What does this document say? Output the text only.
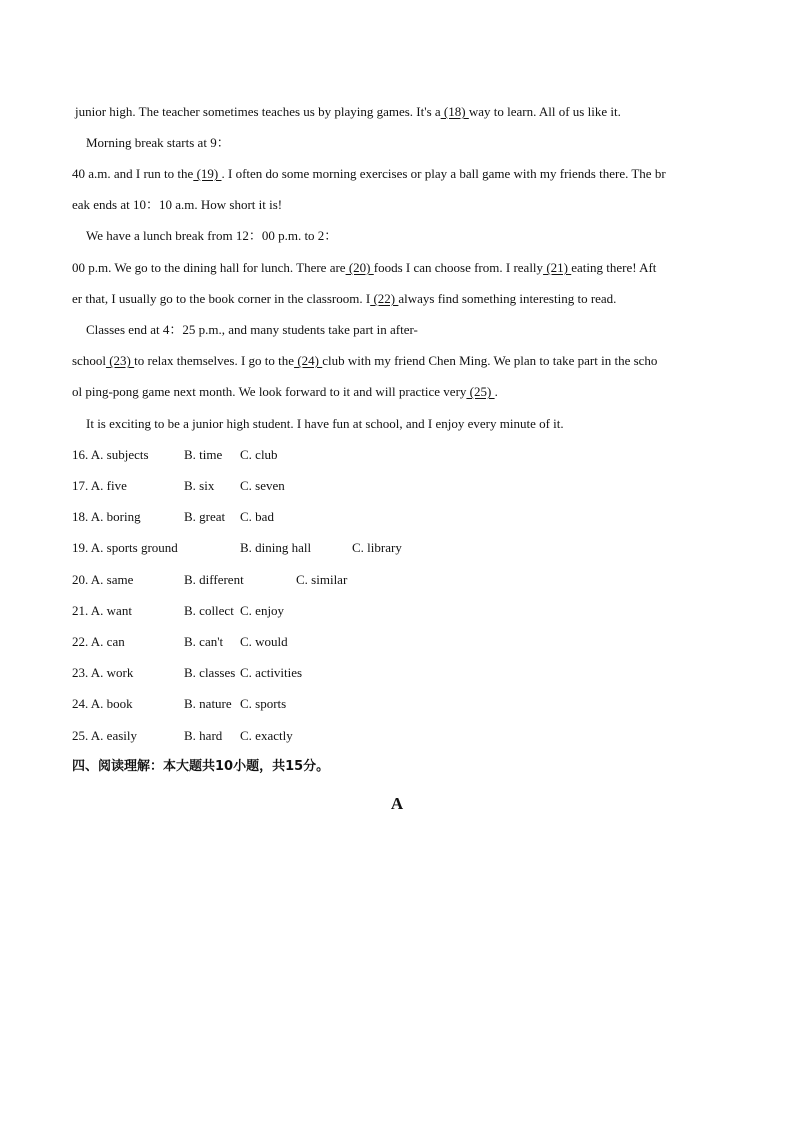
junior high. The teacher sometimes teaches us by playing games. It's a (18) way to learn. All of us like it.
Morning break starts at 9：
40 a.m. and I run to the (19) . I often do some morning exercises or play a ball game with my friends there. The br
eak ends at 10：10 a.m. How short it is!
We have a lunch break from 12：00 p.m. to 2：
00 p.m. We go to the dining hall for lunch. There are (20) foods I can choose from. I really (21) eating there! Aft
er that, I usually go to the book corner in the classroom. I (22) always find something interesting to read.
Classes end at 4：25 p.m., and many students take part in after-
school (23) to relax themselves. I go to the (24) club with my friend Chen Ming. We plan to take part in the scho
ol ping-pong game next month. We look forward to it and will practice very (25) .
It is exciting to be a junior high student. I have fun at school, and I enjoy every minute of it.
16. A. subjects	B. time C. club
17. A. five	B. six C. seven
18. A. boring	B. great C. bad
19. A. sports ground	B. dining hall	C. library
20. A. same	B. different	C. similar
21. A. want	B. collect C. enjoy
22. A. can	B. can't C. would
23. A. work	B. classes C. activities
24. A. book	B. nature C. sports
25. A. easily	B. hard C. exactly
四、阅读理解：本大题共10小题，共15分。
A
